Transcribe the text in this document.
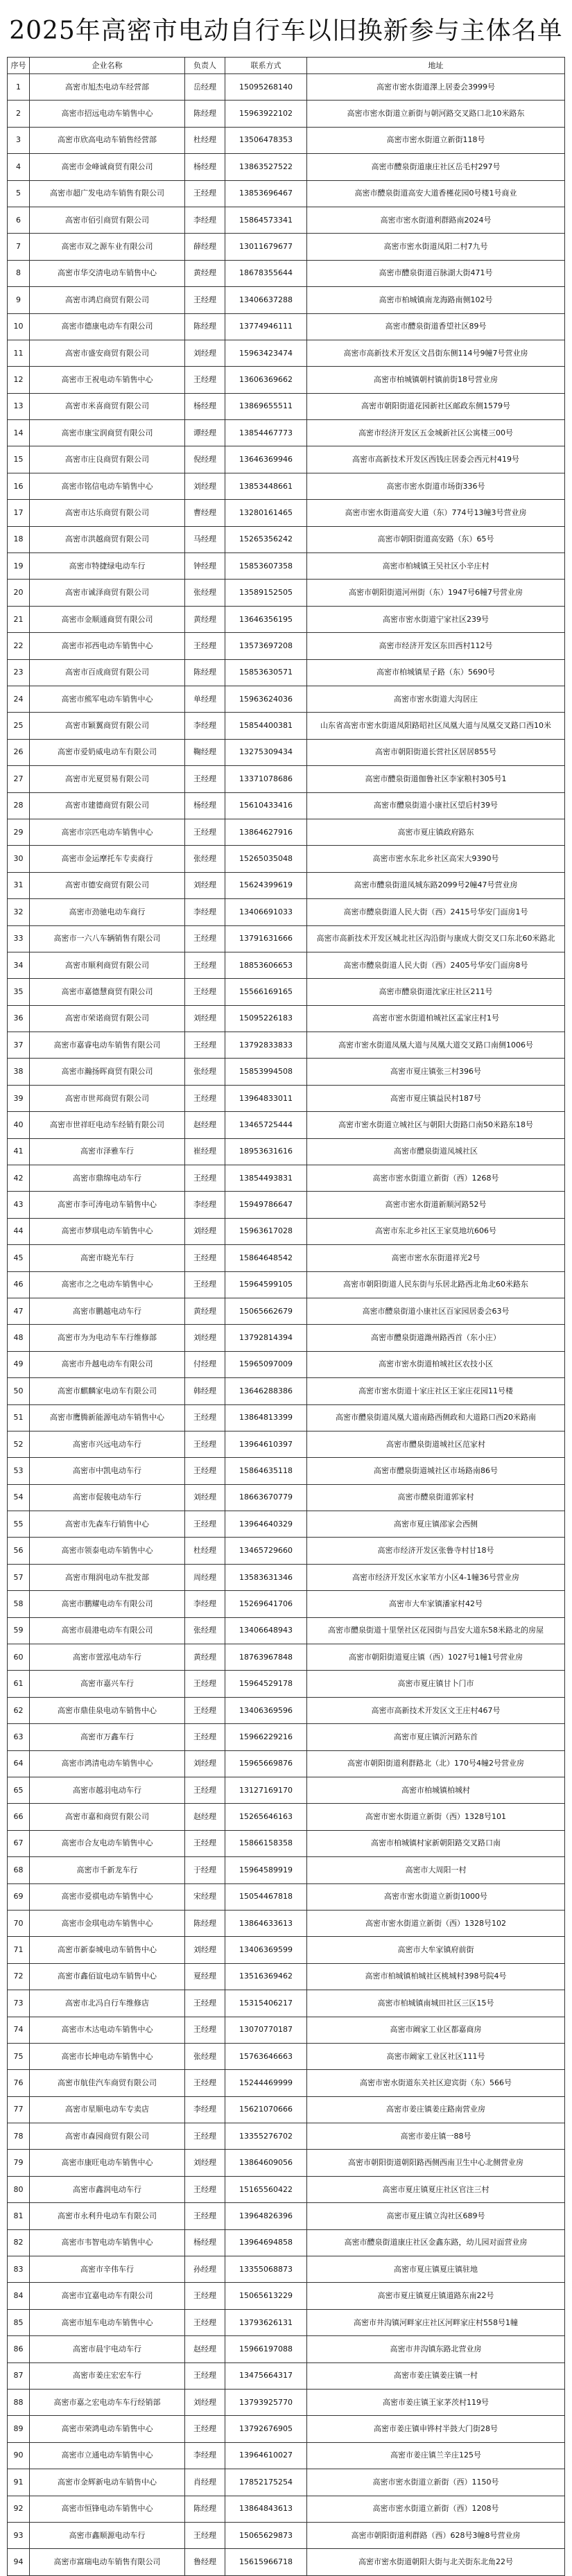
2025年高密市电动自行车以旧换新参与主体名单
序号	企业名称	负责人	联系方式	地址
1	高密市旭杰电动车经营部	岳经理	15095268140	高密市密水街道澤上居委会3999号
2	高密市招远电动车销售中心	陈经理	15963922102	高密市密水街道立新街与朝河路交叉路口北10米路东
3	高密市欣高电动车销售经营部	杜经理	13506478353	高密市密水街道立新街118号
4	高密市金峰诚商贸有限公司	杨经理	13863527522	高密市醴泉街道康庄社区岳毛村297号
5	高密市超广发电动车销售有限公司	王经理	13853696467	高密市醴泉街道高安大道香槿花园0号楼1号商业
6	高密市佰引商贸有限公司	李经理	15864573341	高密市密水街道利群路南2024号
7	高密市双之源车业有限公司	薛经理	13011679677	高密市密水街道凤阳二村7九号
8	高密市华交清电动车销售中心	黄经理	18678355644	高密市醴泉街道百脉湖大街471号
9	高密市鸿启商贸有限公司	王经理	13406637288	高密市柏城镇南龙海路南侧102号
10	高密市德康电动车有限公司	陈经理	13774946111	高密市醴泉街道香望社区89号
11	高密市盛安商贸有限公司	刘经理	15963423474	高密市高新技术开发区文昌街东侧114号9幢7号营业房
12	高密市王祝电动车销售中心	王经理	13606369662	高密市柏城镇朝村镇前街18号营业房
13	高密市米喜商贸有限公司	杨经理	13869655511	高密市朝阳街道花园新社区邮政东侧1579号
14	高密市康宝润商贸有限公司	谭经理	13854467773	高密市经济开发区五金城新社区公寓楼三00号
15	高密市庄良商贸有限公司	倪经理	13646369946	高密市高新技术开发区西钱庄居委会西元村419号
16	高密市铭信电动车销售中心	刘经理	13853448661	高密市密水街道市场街336号
17	高密市达乐商贸有限公司	曹经理	13280161465	高密市密水街道高安大道（东）774号13幢3号营业房
18	高密市洪越商贸有限公司	马经理	15265356242	高密市朝阳街道高安路（东）65号
19	高密市特捷绿电动车行	钟经理	15853607358	高密市柏城镇王吴社区小辛庄村
20	高密市诚泽商贸有限公司	张经理	13589152505	高密市朝阳街道河州街（东）1947号6幢7号营业房
21	高密市金顺通商贸有限公司	黄经理	13646356195	高密市密水街道宁家社区239号
22	高密市祁西电动车销售中心	王经理	13573697208	高密市经济开发区东田西村112号
23	高密市百成商贸有限公司	陈经理	15853630571	高密市柏城镇星子路（东）5690号
24	高密市熊军电动车销售中心	单经理	15963624036	高密市密水街道大沟居庄
25	高密市颖翼商贸有限公司	李经理	15854400381	山东省高密市密水街道凤阳路昭社区凤凰大道与凤凰交叉路口西10米
26	高密市爱奶威电动车有限公司	鞠经理	13275309434	高密市朝阳街道长营社区居居855号
27	高密市光夏贸易有限公司	王经理	13371078686	高密市醴泉街道伽鲁社区李家粮村305号1
28	高密市建德商贸有限公司	杨经理	15610433416	高密市醴泉街道小康社区望后村39号
29	高密市宗匹电动车销售中心	王经理	13864627916	高密市夏庄镇政府路东
30	高密市金运摩托车专卖商行	张经理	15265035048	高密市密水东北乡社区高宋大9390号
31	高密市德安商贸有限公司	刘经理	15624399619	高密市醴泉街道凤城东路2099号2幢47号营业房
32	高密市劲驰电动车商行	李经理	13406691033	高密市醴泉街道人民大街（西）2415号华安门面房1号
33	高密市一六八车辆销售有限公司	王经理	13791631666	高密市高新技术开发区城北社区沟沿街与康成大街交叉口东北60米路北
34	高密市顺利商贸有限公司	王经理	18853606653	高密市醴泉街道人民大街（西）2405号华安门面房8号
35	高密市嘉德慧商贸有限公司	王经理	15566169165	高密市醴泉街道沈家庄社区211号
36	高密市荣诺商贸有限公司	刘经理	15095226183	高密市密水街道柏城社区孟家庄村1号
37	高密市嘉睿电动车销售有限公司	王经理	13792833833	高密市密水街道凤凰大道与凤凰大道交叉路口南侧1006号
38	高密市瀚扬晖商贸有限公司	张经理	15853994508	高密市夏庄镇张三村396号
39	高密市世邦商贸有限公司	王经理	13964833011	高密市夏庄镇益民村187号
40	高密市世祥旺电动车经销有限公司	赵经理	13465725444	高密市密水街道立城社区与朝阳大街路口南50米路东18号
41	高密市泽雅车行	崔经理	18953631616	高密市醴泉街道凤城社区
42	高密市鼎绵电动车行	王经理	13854493831	高密市密水街道立新街（西）1268号
43	高密市李可涛电动车销售中心	李经理	15949786647	高密市密水街道新顺河路52号
44	高密市梦琪电动车销售中心	刘经理	15963617028	高密市东北乡社区王家莫地坑606号
45	高密市晓光车行	王经理	15864648542	高密市密水东街道祥光2号
46	高密市之之电动车销售中心	王经理	15964599105	高密市朝阳街道人民东街与乐居北路西北角北60米路东
47	高密市鹏越电动车行	黄经理	15065662679	高密市醴泉街道小康社区百家园居委会63号
48	高密市为为电动车车行维修部	刘经理	13792814394	高密市醴泉街道潍州路西首（东小庄）
49	高密市升越电动车有限公司	付经理	15965097009	高密市密水街道柏城社区农技小区
50	高密市麒麟家电动车有限公司	韩经理	13646288386	高密市密水街道十家庄社区王家庄花园11号楼
51	高密市鹰腾新能源电动车销售中心	王经理	13864813399	高密市醴泉街道凤凰大道南路西侧政和大道路口西20米路南
52	高密市兴远电动车行	王经理	13964610397	高密市醴泉街道城社区范家村
53	高密市中凯电动车行	王经理	15864635118	高密市醴泉街道城社区市场路南86号
54	高密市促骏电动车行	刘经理	18663670779	高密市醴泉街道郭家村
55	高密市先森车行销售中心	王经理	13964640329	高密市夏庄镇邵家会西侧
56	高密市领泰电动车销售中心	杜经理	13465729660	高密市经济开发区张鲁寺村甘18号
57	高密市翔润电动车批发部	周经理	13583631346	高密市经济开发区水家苇方小区4-1幢36号营业房
58	高密市鹏耀电动车有限公司	李经理	15269641706	高密市大牟家镇潘家村42号
59	高密市晨港电动车有限公司	张经理	13406648943	高密市醴泉街道十里堡社区花园街与昌安大道东58米路北的房屋
60	高密市萱泓电动车行	黄经理	18763967848	高密市朝阳街道夏庄镇（西）1027号1幢1号营业房
61	高密市嘉兴车行	王经理	15964529178	高密市夏庄镇甘卜门市
62	高密市鼎佳泉电动车销售中心	王经理	13406369596	高密市高新技术开发区文王庄村467号
63	高密市万鑫车行	王经理	15966229216	高密市夏庄镇沂河路东首
64	高密市鸿清电动车销售中心	刘经理	15965669876	高密市朝阳街道利群路北（北）170号4幢2号营业房
65	高密市越羽电动车行	王经理	13127169170	高密市柏城镇柏城村
66	高密市嘉和商贸有限公司	赵经理	15265646163	高密市密水街道立新街（西）1328号101
67	高密市合友电动车销售中心	王经理	15866158358	高密市柏城镇村家新朝阳路交叉路口南
68	高密市千新龙车行	于经理	15964589919	高密市大周阳一村
69	高密市爱祺电动车销售中心	宋经理	15054467818	高密市密水街道立新街1000号
70	高密市金琪电动车销售中心	陈经理	13864633613	高密市密水街道立新街（西）1328号102
71	高密市新泰城电动车销售中心	刘经理	13406369599	高密市大牟家镇府前街
72	高密市鑫佰谊电动车销售中心	夏经理	13516369462	高密市柏城镇柏城社区桃城村398号院4号
73	高密市北冯自行车维修店	王经理	15315406217	高密市柏城镇南城田社区三区15号
74	高密市木达电动车销售中心	王经理	13070770187	高密市阚家工业区都嘉商房
75	高密市长坤电动车销售中心	张经理	15763646663	高密市阚家工业区社区111号
76	高密市航佳汽车商贸有限公司	王经理	15244469999	高密市密水街道东关社区迎宾街（东）566号
77	高密市星顺电动车专卖店	李经理	15621070666	高密市姜庄镇姜庄路南营业房
78	高密市森园商贸有限公司	王经理	13355276702	高密市姜庄镇一88号
79	高密市康旺电动车销售中心	刘经理	13864609056	高密市朝阳街道朝阳路西侧西南卫生中心北侧营业房
80	高密市鑫润电动车行	王经理	15165560422	高密市夏庄镇夏庄社区官注三村
81	高密市永利升电动车有限公司	王经理	13964826396	高密市夏庄镇立沟社区689号
82	高密市韦智电动车销售中心	杨经理	13964694858	高密市醴泉街道康庄社区金鑫东路，幼儿园对面营业房
83	高密市辛伟车行	孙经理	13355068873	高密市夏庄镇夏庄镇驻地
84	高密市宜嘉电动车有限公司	王经理	15065613229	高密市夏庄镇夏庄镇道路东南22号
85	高密市旭车电动车销售中心	王经理	13793626131	高密市井沟镇河畔家庄社区河畔家庄村558号1幢
86	高密市晨宇电动车行	赵经理	15966197088	高密市井沟镇东路北营业房
87	高密市姜庄宏宏车行	王经理	13475664317	高密市姜庄镇姜庄镇一村
88	高密市嘉之宏电动车车行经销部	刘经理	13793925770	高密市姜庄镇王家茅茨村119号
89	高密市荣鸿电动车销售中心	王经理	13792676905	高密市姜庄镇申铧村半鼓大门街28号
90	高密市立通电动车销售中心	李经理	13964610027	高密市姜庄镇兰辛庄125号
91	高密市金辉新电动车销售中心	肖经理	17852175254	高密市密水街道立新街（西）1150号
92	高密市恒锋电动车销售中心	陈经理	13864843613	高密市密水街道立新街（西）1208号
93	高密市鑫顺源电动车行	王经理	15065629873	高密市朝阳街道利群路（西）628号3幢8号营业房
94	高密市富瑞电动车销售有限公司	鲁经理	15615966718	高密市密水街道朝阳大街与北关街东北角22号
